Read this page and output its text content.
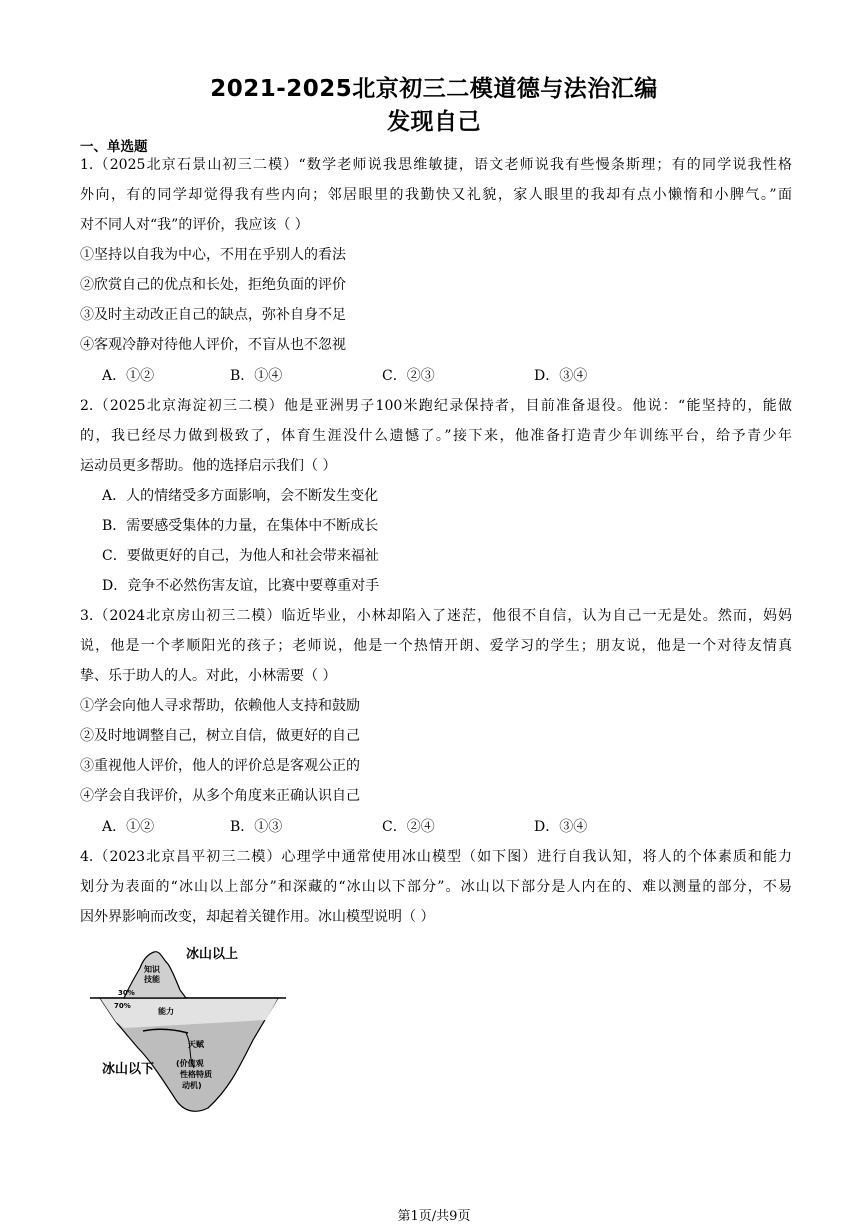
2021-2025北京初三二模道德与法治汇编
发现自己
一、单选题
1.（2025北京石景山初三二模）“数学老师说我思维敏捷，语文老师说我有些慢条斯理；有的同学说我性格
外向，有的同学却觉得我有些内向；邻居眼里的我勤快又礼貌，家人眼里的我却有点小懒惰和小脾气。”面
对不同人对“我”的评价，我应该（ ）
①坚持以自我为中心，不用在乎别人的看法
②欣赏自己的优点和长处，拒绝负面的评价
③及时主动改正自己的缺点，弥补自身不足
④客观冷静对待他人评价，不盲从也不忽视
A．①②	B．①④	C．②③	D．③④
2.（2025北京海淀初三二模）他是亚洲男子100米跑纪录保持者，目前准备退役。他说：“能坚持的，能做
的，我已经尽力做到极致了，体育生涯没什么遗憾了。”接下来，他准备打造青少年训练平台，给予青少年
运动员更多帮助。他的选择启示我们（ ）
A．人的情绪受多方面影响，会不断发生变化
B．需要感受集体的力量，在集体中不断成长
C．要做更好的自己，为他人和社会带来福祉
D．竞争不必然伤害友谊，比赛中要尊重对手
3.（2024北京房山初三二模）临近毕业，小林却陷入了迷茫，他很不自信，认为自己一无是处。然而，妈妈
说，他是一个孝顺阳光的孩子；老师说，他是一个热情开朗、爱学习的学生；朋友说，他是一个对待友情真
挚、乐于助人的人。对此，小林需要（ ）
①学会向他人寻求帮助，依赖他人支持和鼓励
②及时地调整自己，树立自信，做更好的自己
③重视他人评价，他人的评价总是客观公正的
④学会自我评价，从多个角度来正确认识自己
A．①②	B．①③	C．②④	D．③④
4.（2023北京昌平初三二模）心理学中通常使用冰山模型（如下图）进行自我认知，将人的个体素质和能力
划分为表面的“冰山以上部分”和深藏的“冰山以下部分”。冰山以下部分是人内在的、难以测量的部分，不易
因外界影响而改变，却起着关键作用。冰山模型说明（ ）
冰山以上
知识
技能
30%
70%
能力
天赋
(价值观
性格特质
动机)
冰山以下
第1页/共9页
